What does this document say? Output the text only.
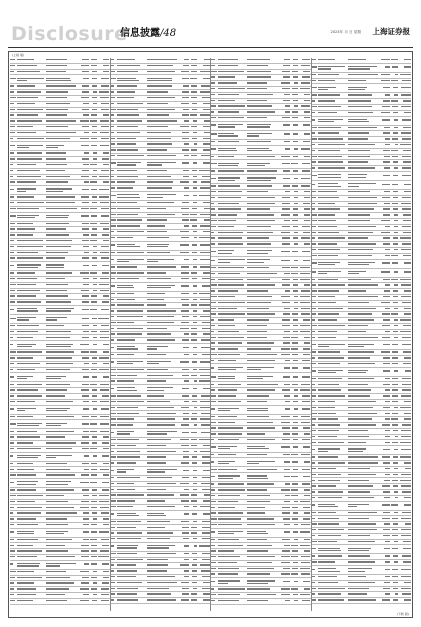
Disclosure
信息披露/48	2023年 月 日 星期 上海证券报
(上接 版)
(下转 版)
